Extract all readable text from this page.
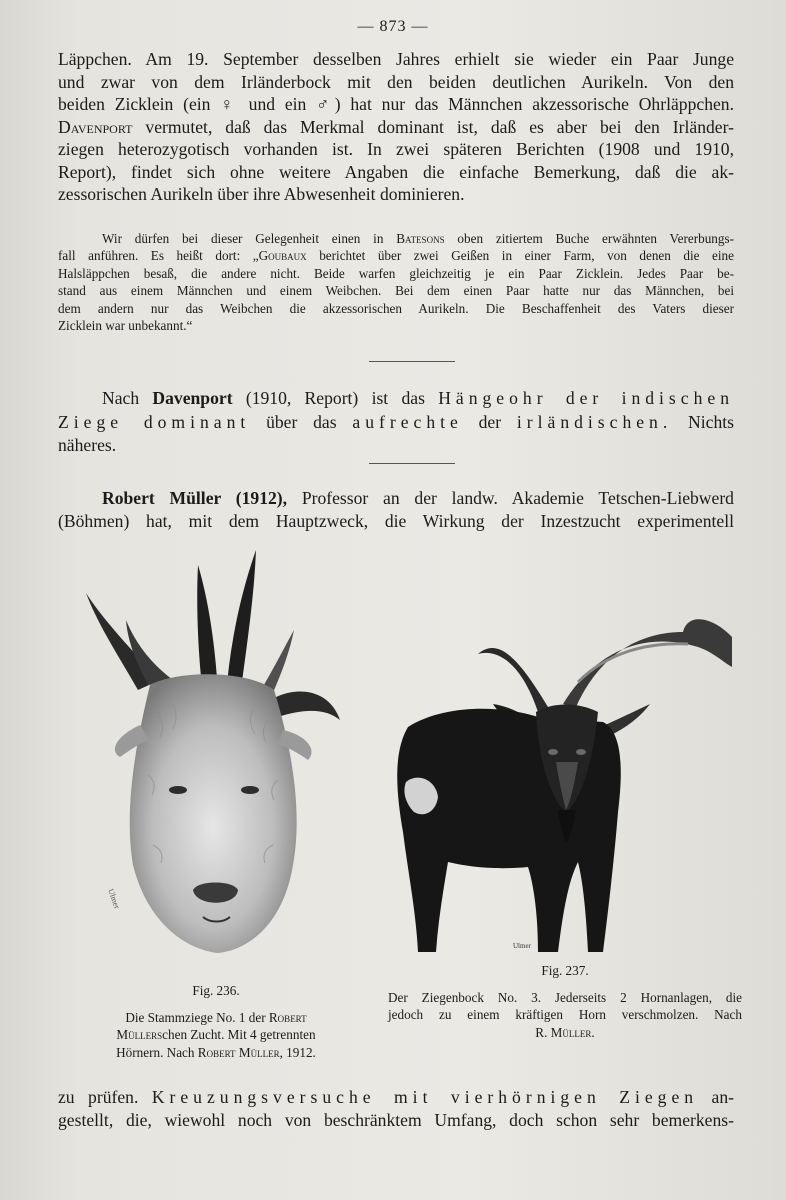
— 873 —
Läppchen. Am 19. September desselben Jahres erhielt sie wieder ein Paar Junge
und zwar von dem Irländerbock mit den beiden deutlichen Aurikeln. Von den
beiden Zicklein (ein ♀ und ein ♂) hat nur das Männchen akzessorische Ohrläppchen.
Davenport vermutet, daß das Merkmal dominant ist, daß es aber bei den Irländer-
ziegen heterozygotisch vorhanden ist. In zwei späteren Berichten (1908 und 1910,
Report), findet sich ohne weitere Angaben die einfache Bemerkung, daß die ak-
zessorischen Aurikeln über ihre Abwesenheit dominieren.
Wir dürfen bei dieser Gelegenheit einen in Batesons oben zitiertem Buche erwähnten Vererbungs-
fall anführen. Es heißt dort: „Goubaux berichtet über zwei Geißen in einer Farm, von denen die eine
Halsläppchen besaß, die andere nicht. Beide warfen gleichzeitig je ein Paar Zicklein. Jedes Paar be-
stand aus einem Männchen und einem Weibchen. Bei dem einen Paar hatte nur das Männchen, bei
dem andern nur das Weibchen die akzessorischen Aurikeln. Die Beschaffenheit des Vaters dieser
Zicklein war unbekannt.“
Nach Davenport (1910, Report) ist das Hängeohr der indischen
Ziege dominant über das aufrechte der irländischen. Nichts
näheres.
Robert Müller (1912), Professor an der landw. Akademie Tetschen-Liebwerd
(Böhmen) hat, mit dem Hauptzweck, die Wirkung der Inzestzucht experimentell
Ulmer
Ulmer
Fig. 236.
Die Stammziege No. 1 der Robert
Müllerschen Zucht. Mit 4 getrennten
Hörnern. Nach Robert Müller, 1912.
Fig. 237.
Der Ziegenbock No. 3. Jederseits 2 Hornanlagen, die
jedoch zu einem kräftigen Horn verschmolzen. Nach
R. Müller.
zu prüfen. Kreuzungsversuche mit vierhörnigen Ziegen an-
gestellt, die, wiewohl noch von beschränktem Umfang, doch schon sehr bemerkens-
